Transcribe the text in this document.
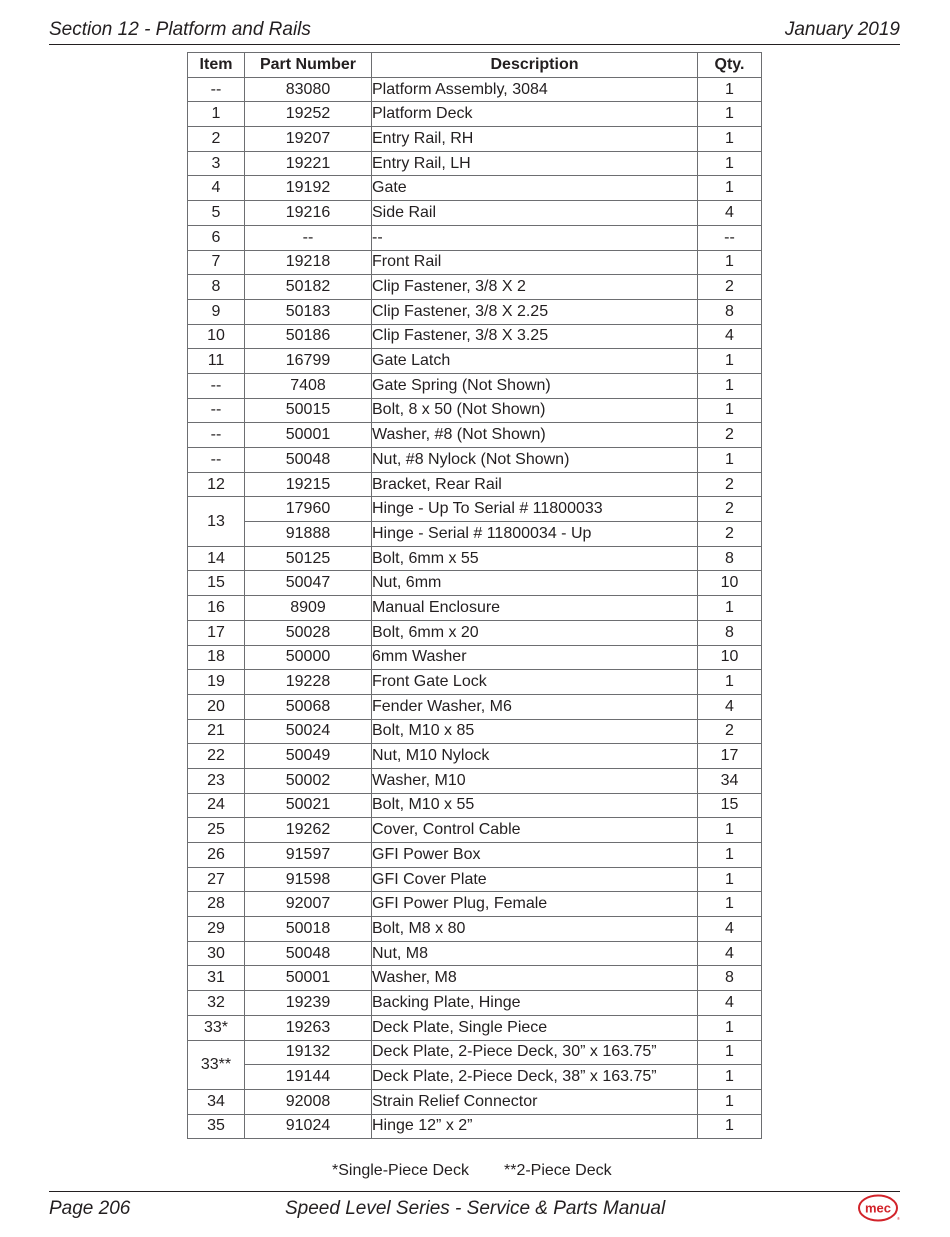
Section 12 - Platform and Rails	January 2019
Item	Part Number	Description	Qty.
--	83080	Platform Assembly, 3084	1
1	19252	Platform Deck	1
2	19207	Entry Rail, RH	1
3	19221	Entry Rail, LH	1
4	19192	Gate	1
5	19216	Side Rail	4
6	--	--	--
7	19218	Front Rail	1
8	50182	Clip Fastener, 3/8 X 2	2
9	50183	Clip Fastener, 3/8 X 2.25	8
10	50186	Clip Fastener, 3/8 X 3.25	4
11	16799	Gate Latch	1
--	7408	Gate Spring (Not Shown)	1
--	50015	Bolt, 8 x 50 (Not Shown)	1
--	50001	Washer, #8 (Not Shown)	2
--	50048	Nut, #8 Nylock (Not Shown)	1
12	19215	Bracket, Rear Rail	2
13	17960	Hinge - Up To Serial # 11800033	2
	91888	Hinge - Serial # 11800034 - Up	2
14	50125	Bolt, 6mm x 55	8
15	50047	Nut, 6mm	10
16	8909	Manual Enclosure	1
17	50028	Bolt, 6mm x 20	8
18	50000	6mm Washer	10
19	19228	Front Gate Lock	1
20	50068	Fender Washer, M6	4
21	50024	Bolt, M10 x 85	2
22	50049	Nut, M10 Nylock	17
23	50002	Washer, M10	34
24	50021	Bolt, M10 x 55	15
25	19262	Cover, Control Cable	1
26	91597	GFI Power Box	1
27	91598	GFI Cover Plate	1
28	92007	GFI Power Plug, Female	1
29	50018	Bolt, M8 x 80	4
30	50048	Nut, M8	4
31	50001	Washer, M8	8
32	19239	Backing Plate, Hinge	4
33*	19263	Deck Plate, Single Piece	1
33**	19132	Deck Plate, 2-Piece Deck, 30” x 163.75”	1
	19144	Deck Plate, 2-Piece Deck, 38” x 163.75”	1
34	92008	Strain Relief Connector	1
35	91024	Hinge 12” x 2”	1
*Single-Piece Deck **2-Piece Deck
Page 206	Speed Level Series - Service & Parts Manual	mec
®
